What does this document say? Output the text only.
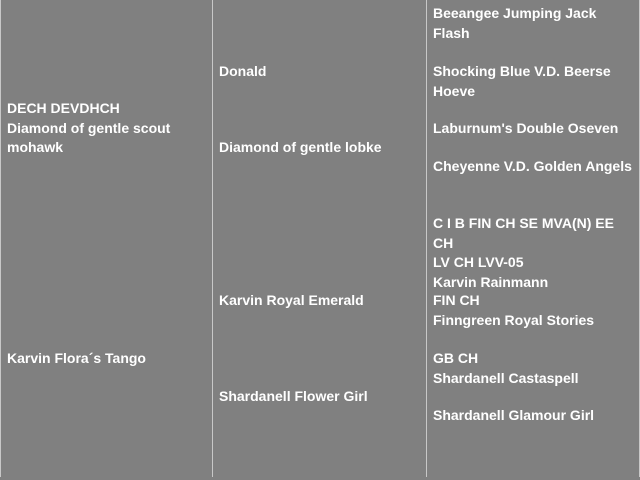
DECH DEVDHCH
Diamond of gentle scout mohawk
Karvin Flora´s Tango
Donald
Diamond of gentle lobke
Karvin Royal Emerald
Shardanell Flower Girl
Beeangee Jumping Jack Flash
Shocking Blue V.D. Beerse Hoeve
Laburnum's Double Oseven
Cheyenne V.D. Golden Angels
C I B FIN CH SE MVA(N) EE CH
LV CH LVV-05
Karvin Rainmann
FIN CH
Finngreen Royal Stories
GB CH
Shardanell Castaspell
Shardanell Glamour Girl
